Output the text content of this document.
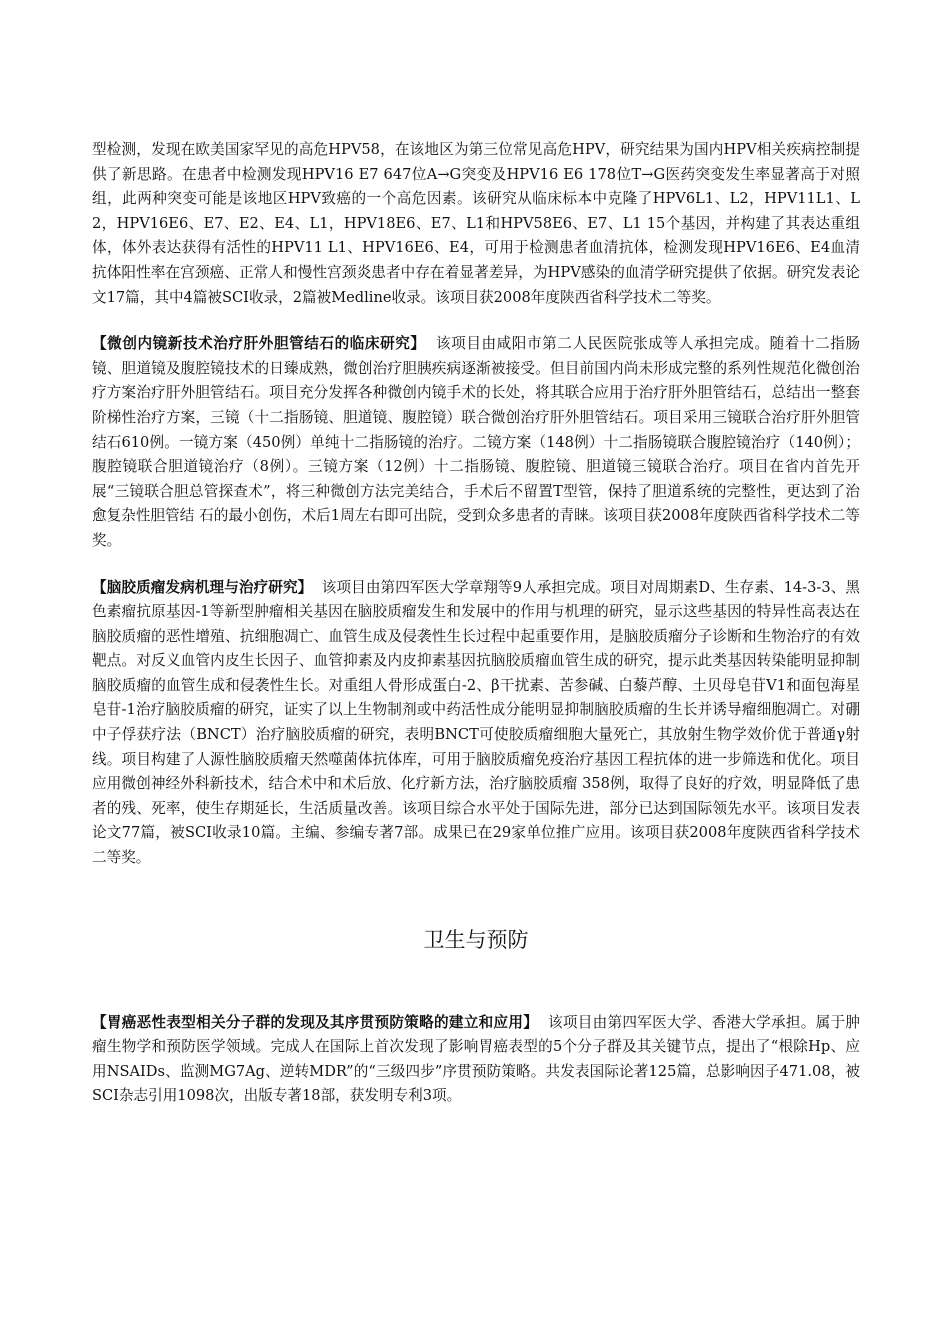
型检测，发现在欧美国家罕见的高危HPV58，在该地区为第三位常见高危HPV，研究结果为国内HPV相关疾病控制提供了新思路。在患者中检测发现HPV16 E7 647位A→G突变及HPV16 E6 178位T→G医药突变发生率显著高于对照组，此两种突变可能是该地区HPV致癌的一个高危因素。该研究从临床标本中克隆了HPV6L1、L2，HPV11L1、L2，HPV16E6、E7、E2、E4、L1，HPV18E6、E7、L1和HPV58E6、E7、L1 15个基因，并构建了其表达重组体，体外表达获得有活性的HPV11 L1、HPV16E6、E4，可用于检测患者血清抗体，检测发现HPV16E6、E4血清抗体阳性率在宫颈癌、正常人和慢性宫颈炎患者中存在着显著差异，为HPV感染的血清学研究提供了依据。研究发表论文17篇，其中4篇被SCI收录，2篇被Medline收录。该项目获2008年度陕西省科学技术二等奖。

【微创内镜新技术治疗肝外胆管结石的临床研究】 该项目由咸阳市第二人民医院张成等人承担完成。随着十二指肠镜、胆道镜及腹腔镜技术的日臻成熟，微创治疗胆胰疾病逐渐被接受。但目前国内尚未形成完整的系列性规范化微创治疗方案治疗肝外胆管结石。项目充分发挥各种微创内镜手术的长处，将其联合应用于治疗肝外胆管结石，总结出一整套阶梯性治疗方案，三镜（十二指肠镜、胆道镜、腹腔镜）联合微创治疗肝外胆管结石。项目采用三镜联合治疗肝外胆管结石610例。一镜方案（450例）单纯十二指肠镜的治疗。二镜方案（148例）十二指肠镜联合腹腔镜治疗（140例）；腹腔镜联合胆道镜治疗（8例）。三镜方案（12例）十二指肠镜、腹腔镜、胆道镜三镜联合治疗。项目在省内首先开展“三镜联合胆总管探查术”，将三种微创方法完美结合，手术后不留置T型管，保持了胆道系统的完整性，更达到了治愈复杂性胆管结 石的最小创伤，术后1周左右即可出院，受到众多患者的青睐。该项目获2008年度陕西省科学技术二等奖。

【脑胶质瘤发病机理与治疗研究】 该项目由第四军医大学章翔等9人承担完成。项目对周期素D、生存素、14-3-3、黑色素瘤抗原基因-1等新型肿瘤相关基因在脑胶质瘤发生和发展中的作用与机理的研究，显示这些基因的特异性高表达在脑胶质瘤的恶性增殖、抗细胞凋亡、血管生成及侵袭性生长过程中起重要作用，是脑胶质瘤分子诊断和生物治疗的有效靶点。对反义血管内皮生长因子、血管抑素及内皮抑素基因抗脑胶质瘤血管生成的研究，提示此类基因转染能明显抑制脑胶质瘤的血管生成和侵袭性生长。对重组人骨形成蛋白-2、β干扰素、苦参碱、白藜芦醇、土贝母皂苷V1和面包海星皂苷-1治疗脑胶质瘤的研究，证实了以上生物制剂或中药活性成分能明显抑制脑胶质瘤的生长并诱导瘤细胞凋亡。对硼中子俘获疗法（BNCT）治疗脑胶质瘤的研究，表明BNCT可使胶质瘤细胞大量死亡，其放射生物学效价优于普通γ射线。项目构建了人源性脑胶质瘤天然噬菌体抗体库，可用于脑胶质瘤免疫治疗基因工程抗体的进一步筛选和优化。项目应用微创神经外科新技术，结合术中和术后放、化疗新方法，治疗脑胶质瘤 358例，取得了良好的疗效，明显降低了患者的残、死率，使生存期延长，生活质量改善。该项目综合水平处于国际先进，部分已达到国际领先水平。该项目发表论文77篇，被SCI收录10篇。主编、参编专著7部。成果已在29家单位推广应用。该项目获2008年度陕西省科学技术二等奖。

卫生与预防

【胃癌恶性表型相关分子群的发现及其序贯预防策略的建立和应用】 该项目由第四军医大学、香港大学承担。属于肿瘤生物学和预防医学领域。完成人在国际上首次发现了影响胃癌表型的5个分子群及其关键节点，提出了“根除Hp、应用NSAIDs、监测MG7Ag、逆转MDR”的“三级四步”序贯预防策略。共发表国际论著125篇，总影响因子471.08，被SCI杂志引用1098次，出版专著18部，获发明专利3项。
